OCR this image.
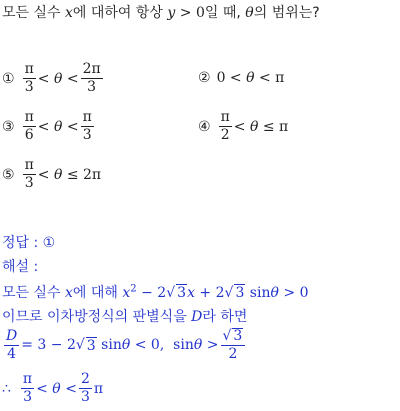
모든 실수 x에 대하여 항상 y > 0일 때, θ의 범위는?
① $\frac{\pi}{3} < \theta < \frac{2\pi}{3}$	② 0 < θ < π
③ $\frac{\pi}{6} < \theta < \frac{\pi}{3}$	④ $\frac{\pi}{2} < \theta \le \pi$
⑤ $\frac{\pi}{3} < \theta \le 2\pi$
정답 : ①
해설 :
모든 실수 x에 대해 $x^2 - 2√$ 3x + 2√ 3 sinθ > 0
이므로 이차방정식의 판별식을 D라 하면
$\frac{D}{4} = 3 - 2$ √ 3 sin θ < 0,  $\sin \theta > \frac{√ 3}{2}$
∴ $\frac{\pi}{3} < \theta < \frac{2}{3}$ π
